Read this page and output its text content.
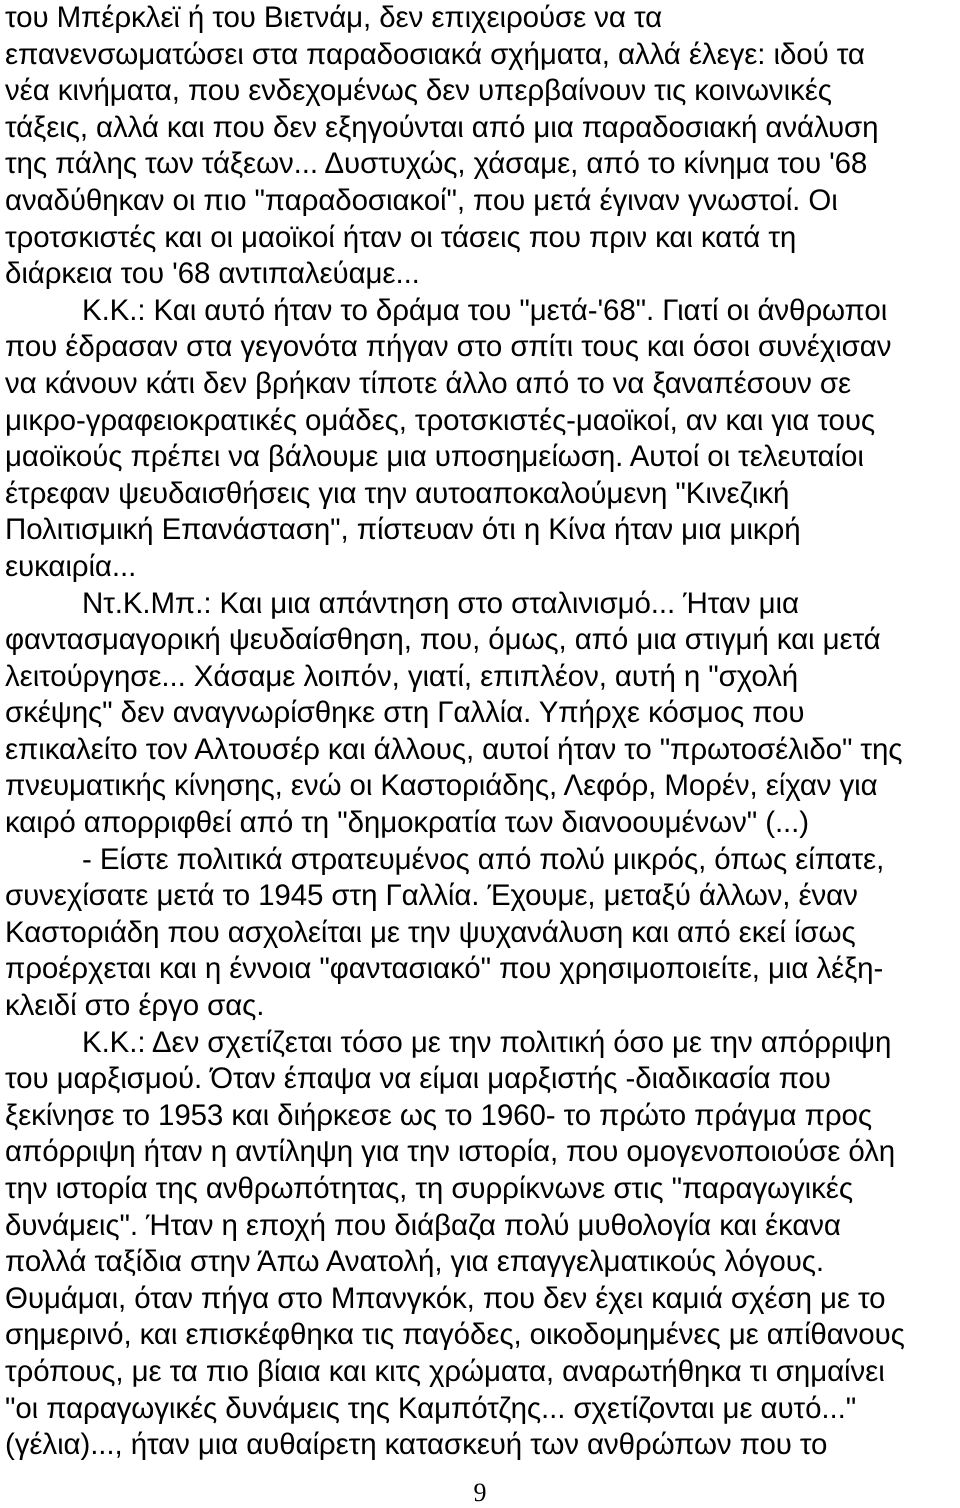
του Μπέρκλεϊ ή του Βιετνάμ, δεν επιχειρούσε να τα
επανενσωματώσει στα παραδοσιακά σχήματα, αλλά έλεγε: ιδού τα
νέα κινήματα, που ενδεχομένως δεν υπερβαίνουν τις κοινωνικές
τάξεις, αλλά και που δεν εξηγούνται από μια παραδοσιακή ανάλυση
της πάλης των τάξεων... Δυστυχώς, χάσαμε, από το κίνημα του '68
αναδύθηκαν οι πιο "παραδοσιακοί", που μετά έγιναν γνωστοί. Οι
τροτσκιστές και οι μαοϊκοί ήταν οι τάσεις που πριν και κατά τη
διάρκεια του '68 αντιπαλεύαμε...
Κ.Κ.: Και αυτό ήταν το δράμα του "μετά-'68". Γιατί οι άνθρωποι
που έδρασαν στα γεγονότα πήγαν στο σπίτι τους και όσοι συνέχισαν
να κάνουν κάτι δεν βρήκαν τίποτε άλλο από το να ξαναπέσουν σε
μικρο-γραφειοκρατικές ομάδες, τροτσκιστές-μαοϊκοί, αν και για τους
μαοϊκούς πρέπει να βάλουμε μια υποσημείωση. Αυτοί οι τελευταίοι
έτρεφαν ψευδαισθήσεις για την αυτοαποκαλούμενη "Κινεζική
Πολιτισμική Επανάσταση", πίστευαν ότι η Κίνα ήταν μια μικρή
ευκαιρία...
Ντ.Κ.Μπ.: Και μια απάντηση στο σταλινισμό... Ήταν μια
φαντασμαγορική ψευδαίσθηση, που, όμως, από μια στιγμή και μετά
λειτούργησε... Χάσαμε λοιπόν, γιατί, επιπλέον, αυτή η "σχολή
σκέψης" δεν αναγνωρίσθηκε στη Γαλλία. Υπήρχε κόσμος που
επικαλείτο τον Αλτουσέρ και άλλους, αυτοί ήταν το "πρωτοσέλιδο" της
πνευματικής κίνησης, ενώ οι Καστοριάδης, Λεφόρ, Μορέν, είχαν για
καιρό απορριφθεί από τη "δημοκρατία των διανοουμένων" (...)
- Είστε πολιτικά στρατευμένος από πολύ μικρός, όπως είπατε,
συνεχίσατε μετά το 1945 στη Γαλλία. Έχουμε, μεταξύ άλλων, έναν
Καστοριάδη που ασχολείται με την ψυχανάλυση και από εκεί ίσως
προέρχεται και η έννοια "φαντασιακό" που χρησιμοποιείτε, μια λέξη-
κλειδί στο έργο σας.
Κ.Κ.: Δεν σχετίζεται τόσο με την πολιτική όσο με την απόρριψη
του μαρξισμού. Όταν έπαψα να είμαι μαρξιστής -διαδικασία που
ξεκίνησε το 1953 και διήρκεσε ως το 1960- το πρώτο πράγμα προς
απόρριψη ήταν η αντίληψη για την ιστορία, που ομογενοποιούσε όλη
την ιστορία της ανθρωπότητας, τη συρρίκνωνε στις "παραγωγικές
δυνάμεις". Ήταν η εποχή που διάβαζα πολύ μυθολογία και έκανα
πολλά ταξίδια στην Άπω Ανατολή, για επαγγελματικούς λόγους.
Θυμάμαι, όταν πήγα στο Μπανγκόκ, που δεν έχει καμιά σχέση με το
σημερινό, και επισκέφθηκα τις παγόδες, οικοδομημένες με απίθανους
τρόπους, με τα πιο βίαια και κιτς χρώματα, αναρωτήθηκα τι σημαίνει
"οι παραγωγικές δυνάμεις της Καμπότζης... σχετίζονται με αυτό..."
(γέλια)..., ήταν μια αυθαίρετη κατασκευή των ανθρώπων που το
9
